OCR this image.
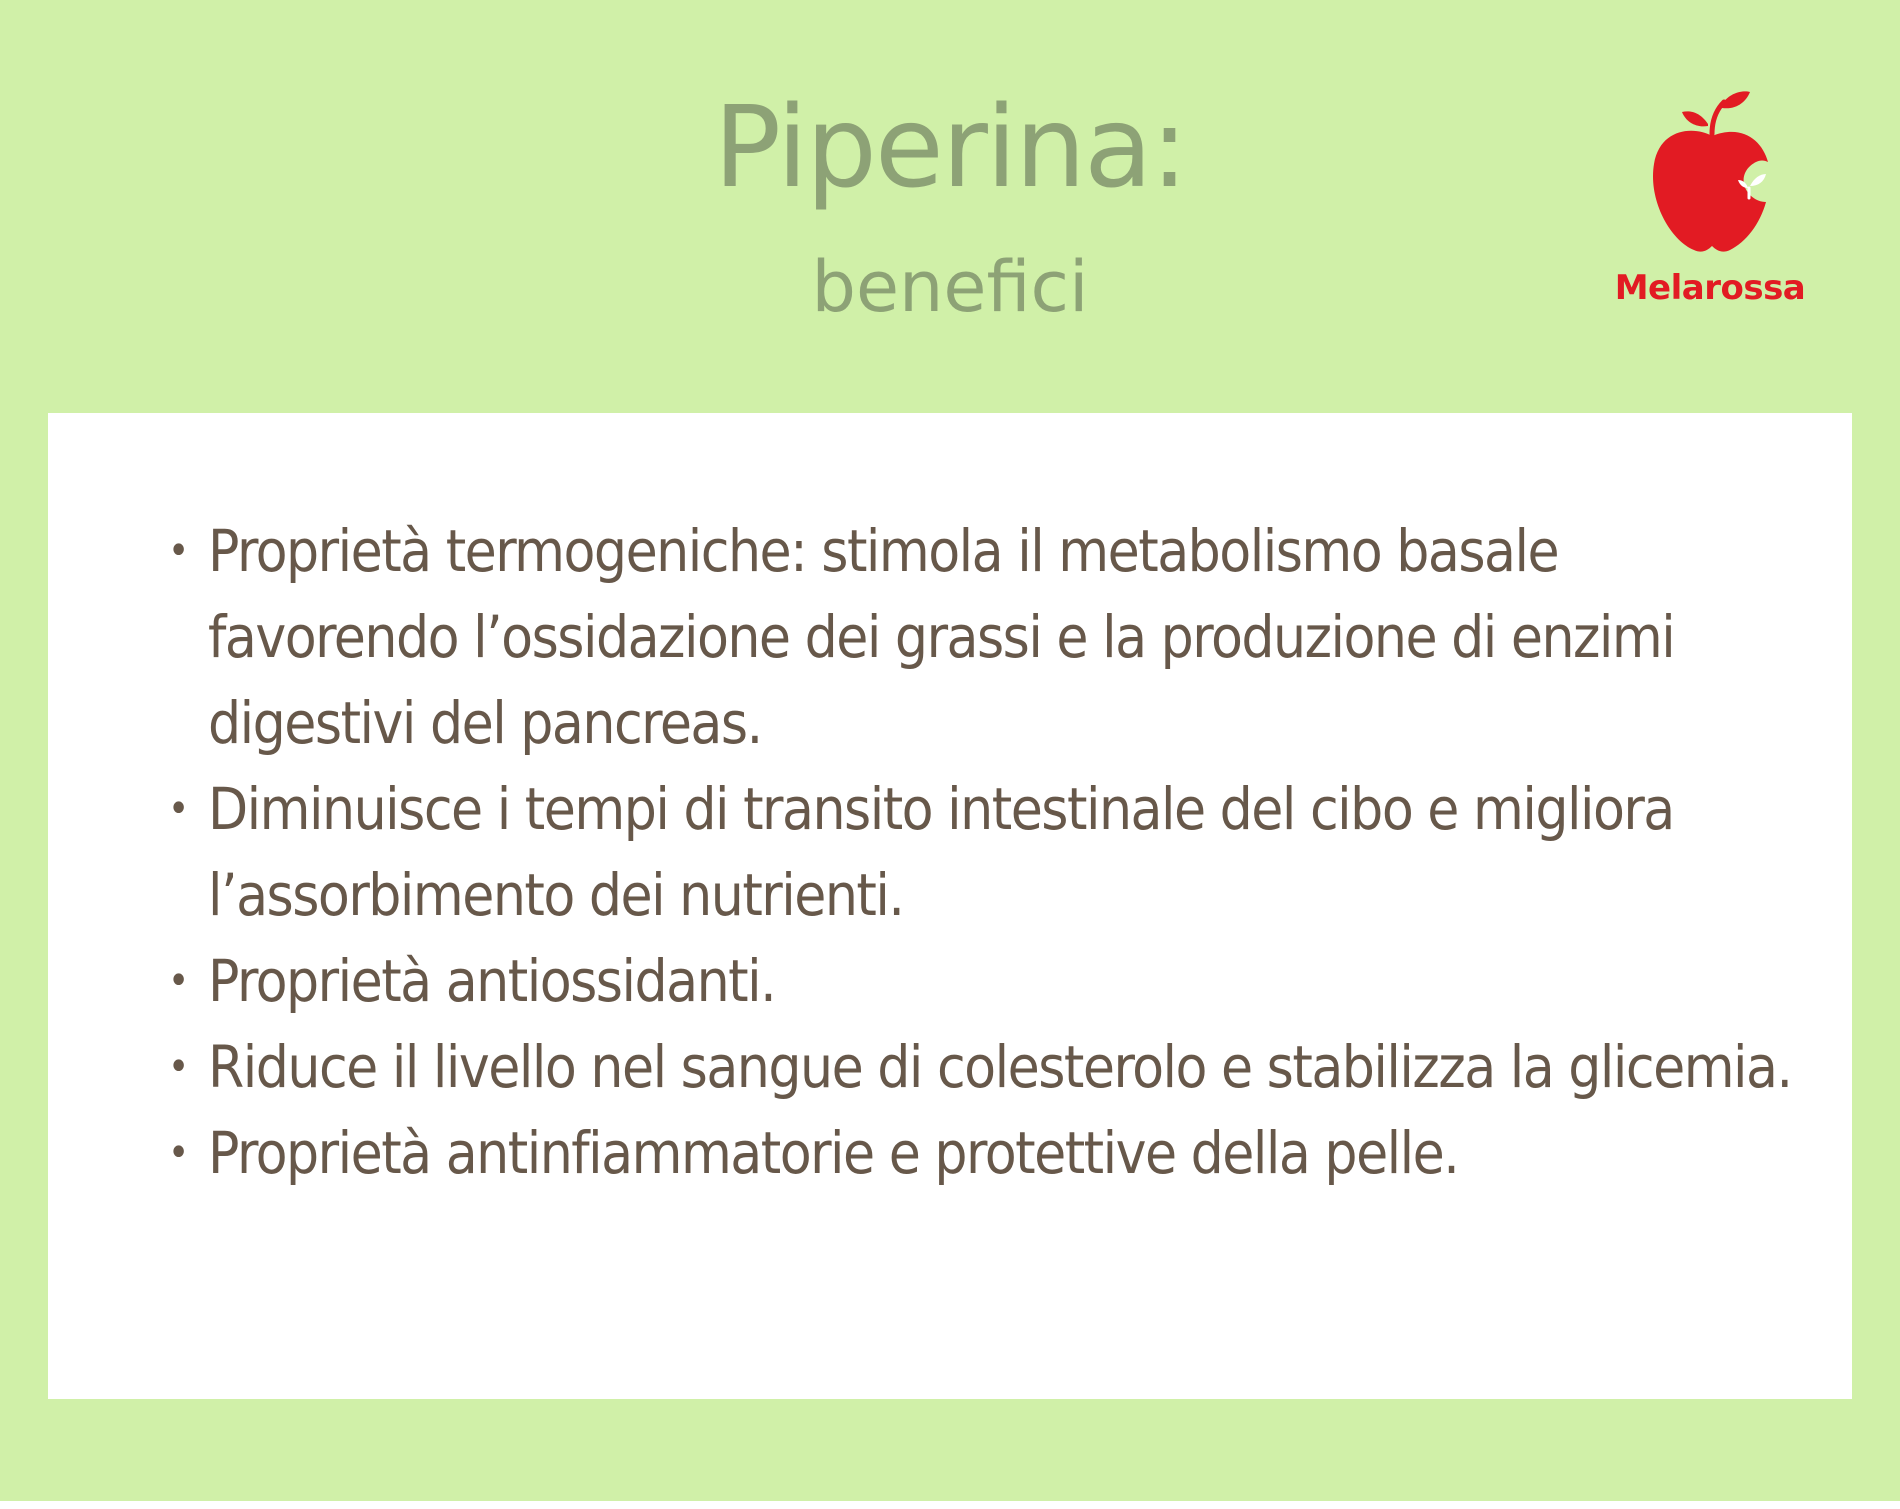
Piperina:
benefici	Melarossa
• Proprietà termogeniche: stimola il metabolismo basale favorendo l’ossidazione dei grassi e la produzione di enzimi digestivi del pancreas.
• Diminuisce i tempi di transito intestinale del cibo e migliora l’assorbimento dei nutrienti.
• Proprietà antiossidanti.
• Riduce il livello nel sangue di colesterolo e stabilizza la glicemia.
• Proprietà antinfiammatorie e protettive della pelle.
